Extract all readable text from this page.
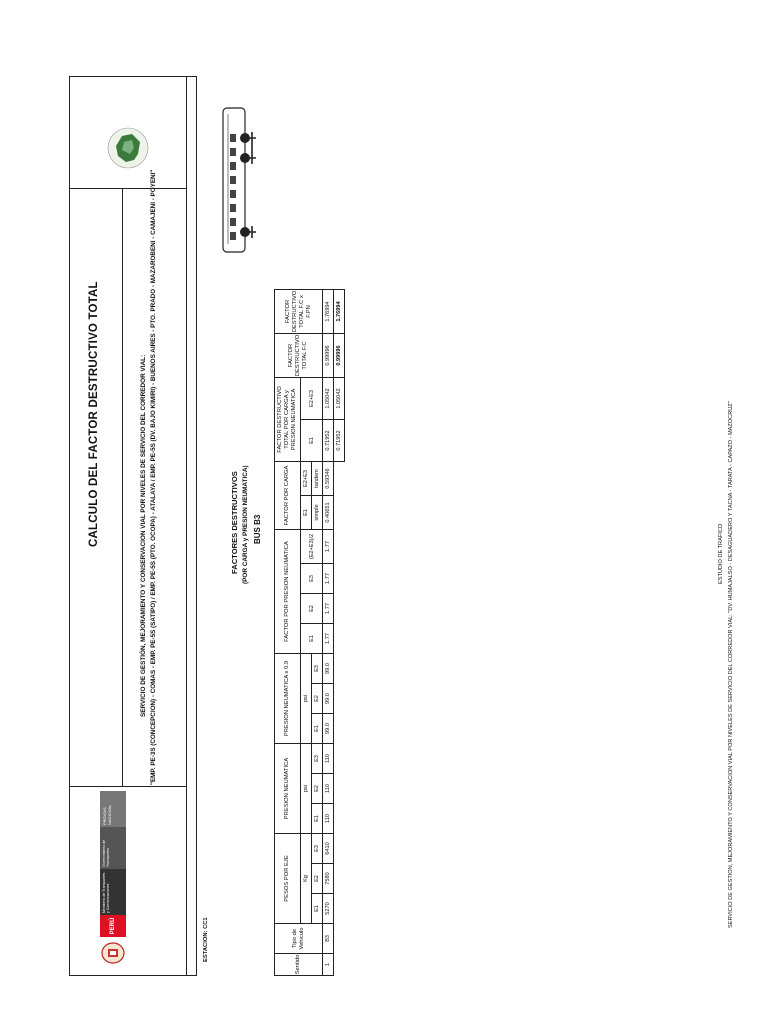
PERÚ
Ministerio de Transportes y Comunicaciones
Viceministerio de Transportes
PROVÍAS NACIONAL
CALCULO DEL FACTOR DESTRUCTIVO TOTAL	SERVICIO DE GESTIÓN, MEJORAMIENTO Y CONSERVACION VIAL POR NIVELES DE SERVICIO DEL CORREDOR VIAL: "EMP. PE-3S (CONCEPCION) - COMAS - EMP. PE-5S (SATIPO) / EMP. PE-5S (PTO. OCOPA) - ATALAYA / EMP. PE-5S (DV. BAJO KIMIRI) - BUENOS AIRES - PTO. PRADO - MAZAROBENI - CAMAJENI - POYENI"
ESTACION: CC1
FACTORES DESTRUCTIVOS (POR CARGA y PRESION NEUMATICA) BUS B3
Sentido	Tipo de Vehiculo	PESOS POR EJE			PRESION NEUMATICA			PRESION NEUMATICA x 0.9			FACTOR POR PRESION NEUMATICA				FACTOR POR CARGA		FACTOR DESTRUCTIVO TOTAL POR CARGA y PRESION NEUMATICA		FACTOR DESTRUCTIVO TOTAL F.C	FACTOR DESTRUCTIVO TOTAL F.C x F.PN
		Kg			psi			psi			E1	E2	E3	(E2+E3)/2	E1	E2+E3	E1	E2+E3		
		E1	E2	E3	E1	E2	E3	E1	E2	E3					simple	tandem				
1	B3	5270	7580	6410	110	110	110	99.0	99.0	99.0	1.77	1.77	1.77	1.77	0.40651	0.59346	0.71952	1.05042	0.99996	1.76994
																	0.71952	1.05042	0.99996	1.76994
ESTUDIO DE TRAFICO SERVICIO DE GESTION, MEJORAMIENTO Y CONSERVACION VIAL POR NIVELES DE SERVICIO DEL CORREDOR VIAL: "DV. HUMAJALSO - DESAGUADERO Y TACNA - TARATA - CAPAZO - MAZOCRUZ"
